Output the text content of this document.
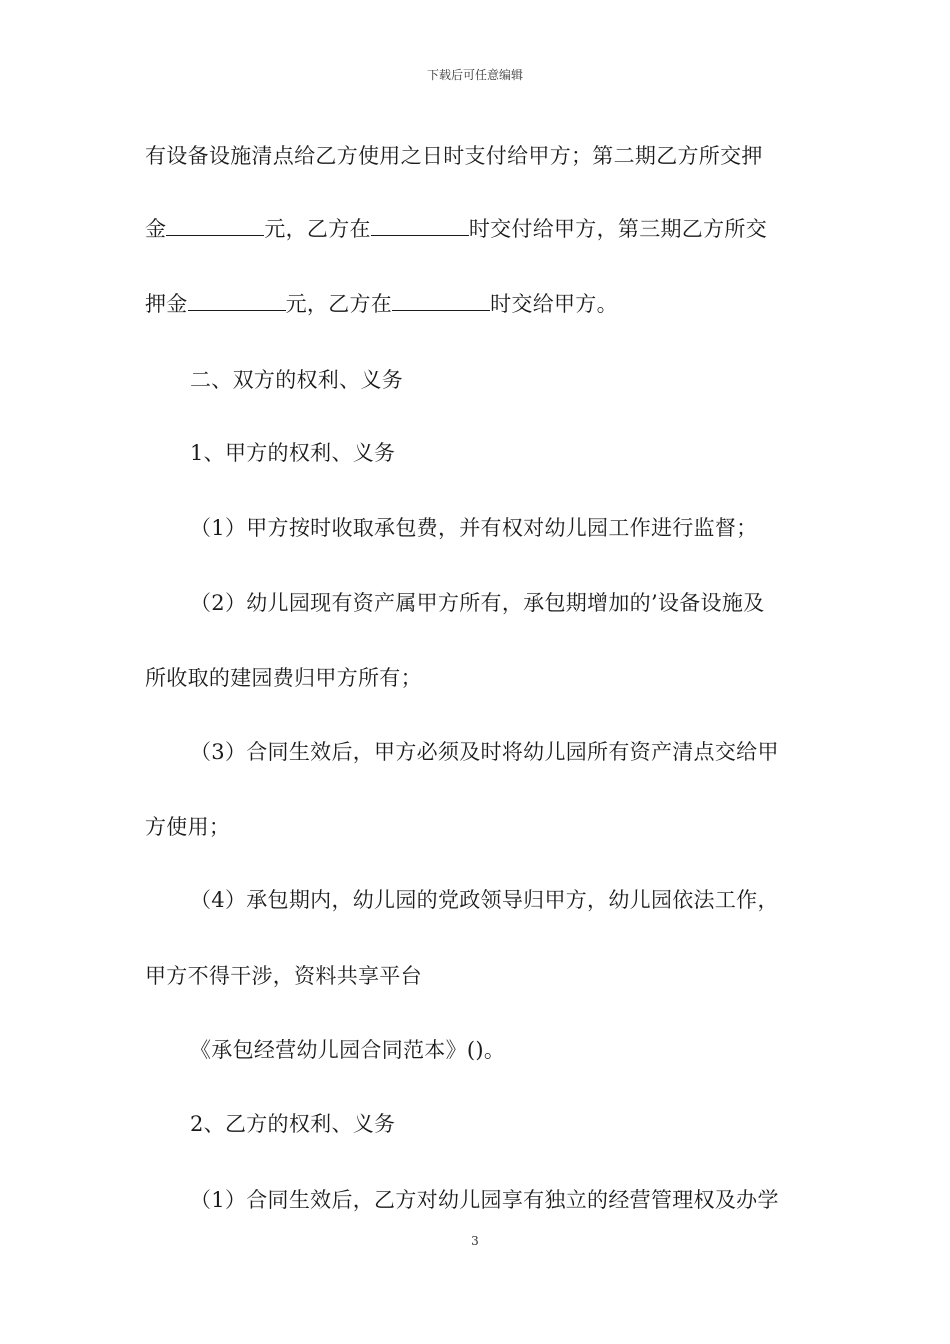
下载后可任意编辑
有设备设施清点给乙方使用之日时支付给甲方；第二期乙方所交押
金	元，乙方在	时交付给甲方，第三期乙方所交
押金	元，乙方在	时交给甲方。
二、双方的权利、义务
1、甲方的权利、义务
（1）甲方按时收取承包费，并有权对幼儿园工作进行监督；
（2）幼儿园现有资产属甲方所有，承包期增加的’设备设施及
所收取的建园费归甲方所有；
（3）合同生效后，甲方必须及时将幼儿园所有资产清点交给甲
方使用；
（4）承包期内，幼儿园的党政领导归甲方，幼儿园依法工作，
甲方不得干涉，资料共享平台
《承包经营幼儿园合同范本》()。
2、乙方的权利、义务
（1）合同生效后，乙方对幼儿园享有独立的经营管理权及办学
3
